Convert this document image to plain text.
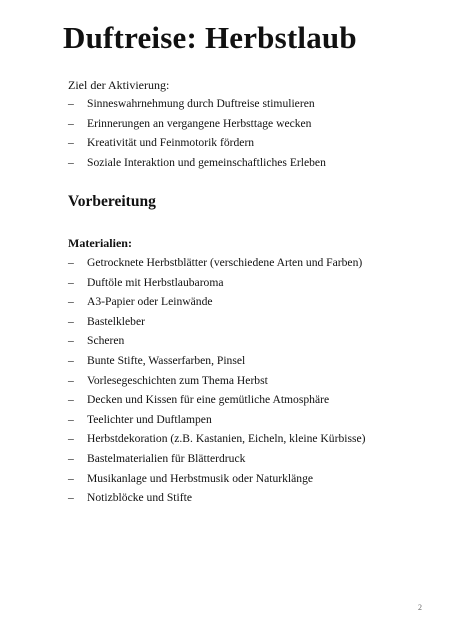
Duftreise: Herbstlaub
Ziel der Aktivierung:
– Sinneswahrnehmung durch Duftreise stimulieren
– Erinnerungen an vergangene Herbsttage wecken
– Kreativität und Feinmotorik fördern
– Soziale Interaktion und gemeinschaftliches Erleben
Vorbereitung
Materialien:
– Getrocknete Herbstblätter (verschiedene Arten und Farben)
– Duftöle mit Herbstlaubaroma
– A3-Papier oder Leinwände
– Bastelkleber
– Scheren
– Bunte Stifte, Wasserfarben, Pinsel
– Vorlesegeschichten zum Thema Herbst
– Decken und Kissen für eine gemütliche Atmosphäre
– Teelichter und Duftlampen
– Herbstdekoration (z.B. Kastanien, Eicheln, kleine Kürbisse)
– Bastelmaterialien für Blätterdruck
– Musikanlage und Herbstmusik oder Naturklänge
– Notizblöcke und Stifte
2
